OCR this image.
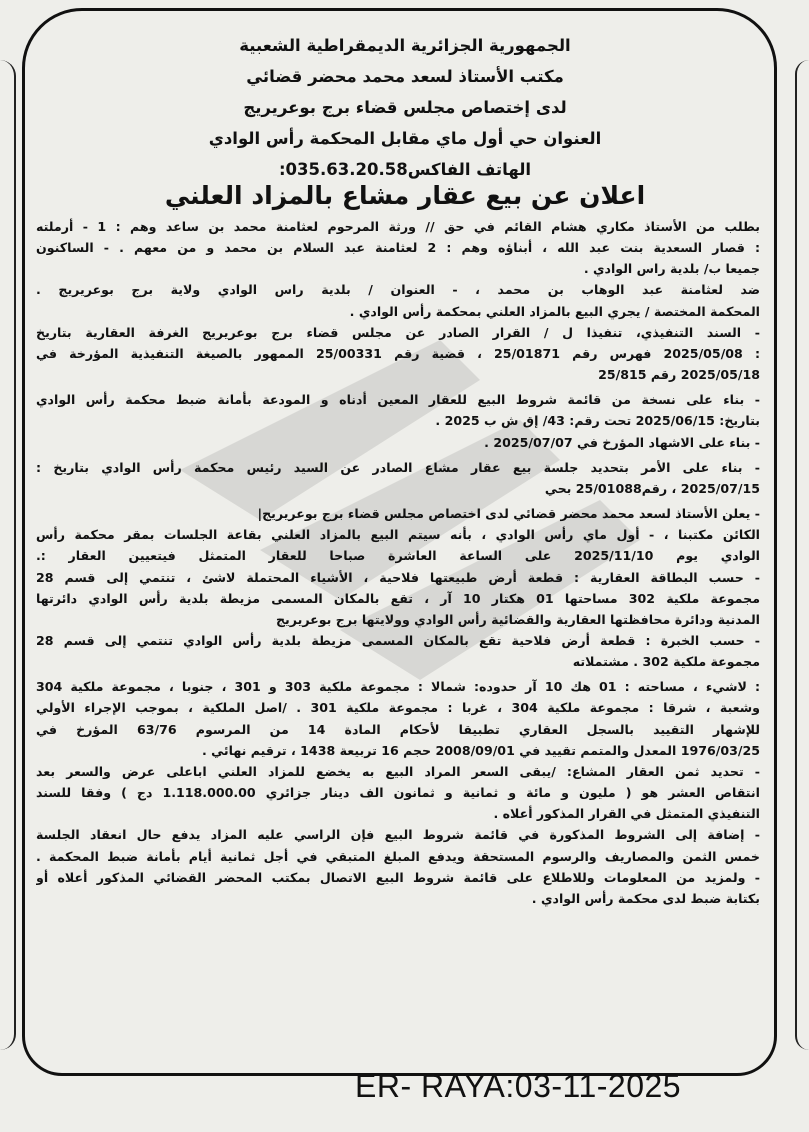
الجمهورية الجزائرية الديمقراطية الشعبية
مكتب الأستاذ لسعد محمد محضر قضائي
لدى إختصاص مجلس قضاء برج بوعريريج
العنوان حي أول ماي مقابل المحكمة رأس الوادي
الهاتف الفاكس035.63.20.58:
اعلان عن بيع عقار مشاع بالمزاد العلني
بطلب من الأستاذ مكاري هشام القائم في حق // ورثة المرحوم لعثامنة محمد بن ساعد وهم : 1 - أرملته
: قصار السعدية بنت عبد الله ، أبناؤه وهم : 2 لعثامنة عبد السلام بن محمد و من معهم . - الساكنون
جميعا ب/ بلدية راس الوادي .
ضد لعثامنة عبد الوهاب بن محمد ، - العنوان / بلدية راس الوادي ولاية برج بوعريريج .
المحكمة المختصة / يجري البيع بالمزاد العلني بمحكمة رأس الوادي .
- السند التنفيذي، تنفيذا ل / القرار الصادر عن مجلس قضاء برج بوعريريج الغرفة العقارية بتاريخ
: 2025/05/08 فهرس رقم 25/01871 ، قضية رقم 25/00331 الممهور بالصيغة التنفيذية المؤرخة في
2025/05/18 رقم 25/815
- بناء على نسخة من قائمة شروط البيع للعقار المعين أدناه و المودعة بأمانة ضبط محكمة رأس الوادي
بتاريخ: 2025/06/15 تحت رقم: 43/ إق ش ب 2025 .
- بناء على الاشهاد المؤرخ في 2025/07/07 .
- بناء على الأمر بتحديد جلسة بيع عقار مشاع الصادر عن السيد رئيس محكمة رأس الوادي بتاريخ :
2025/07/15 ، رقم25/01088 بحي
- يعلن الأستاذ لسعد محمد محضر قضائي لدى اختصاص مجلس قضاء برج بوعريريج|
الكائن مكتبنا ، - أول ماي رأس الوادي ، بأنه سيتم البيع بالمزاد العلني بقاعة الجلسات بمقر محكمة رأس
الوادي يوم 2025/11/10 على الساعة العاشرة صباحا للعقار المتمثل فيتعيين العقار :.
- حسب البطاقة العقارية : قطعة أرض طبيعتها فلاحية ، الأشياء المحتملة لاشئ ، تنتمي إلى قسم 28
مجموعة ملكية 302 مساحتها 01 هكتار 10 آر ، تقع بالمكان المسمى مزيطة بلدية رأس الوادي دائرتها
المدنية ودائرة محافظتها العقارية والقضائية رأس الوادي وولايتها برج بوعريريج
- حسب الخبرة : قطعة أرض فلاحية تقع بالمكان المسمى مزيطة بلدية رأس الوادي تنتمي إلى قسم 28
مجموعة ملكية 302 . مشتملاته
: لاشيء ، مساحته : 01 هك 10 آر حدوده: شمالا : مجموعة ملكية 303 و 301 ، جنوبا ، مجموعة ملكية 304
وشعبة ، شرقا : مجموعة ملكية 304 ، غربا : مجموعة ملكية 301 . /اصل الملكية ، بموجب الإجراء الأولي
للإشهار التقييد بالسجل العقاري تطبيقا لأحكام المادة 14 من المرسوم 63/76 المؤرخ في
1976/03/25 المعدل والمتمم تقييد في 2008/09/01 حجم 16 تربيعة 1438 ، ترقيم نهائي .
- تحديد ثمن العقار المشاع: /يبقى السعر المراد البيع به يخضع للمزاد العلني اباعلى عرض والسعر بعد
انتقاص العشر هو ( مليون و مائة و ثمانية و ثمانون الف دينار جزائري 1.118.000.00 دج ) وفقا للسند
التنفيذي المتمثل في القرار المذكور أعلاه .
- إضافة إلى الشروط المذكورة في قائمة شروط البيع فإن الراسي عليه المزاد يدفع حال انعقاد الجلسة
خمس الثمن والمصاريف والرسوم المستحقة ويدفع المبلغ المتبقي في أجل ثمانية أيام بأمانة ضبط المحكمة .
- ولمزيد من المعلومات وللاطلاع على قائمة شروط البيع الاتصال بمكتب المحضر القضائي المذكور أعلاه أو
بكتابة ضبط لدى محكمة رأس الوادي .
ER- RAYA:03-11-2025
